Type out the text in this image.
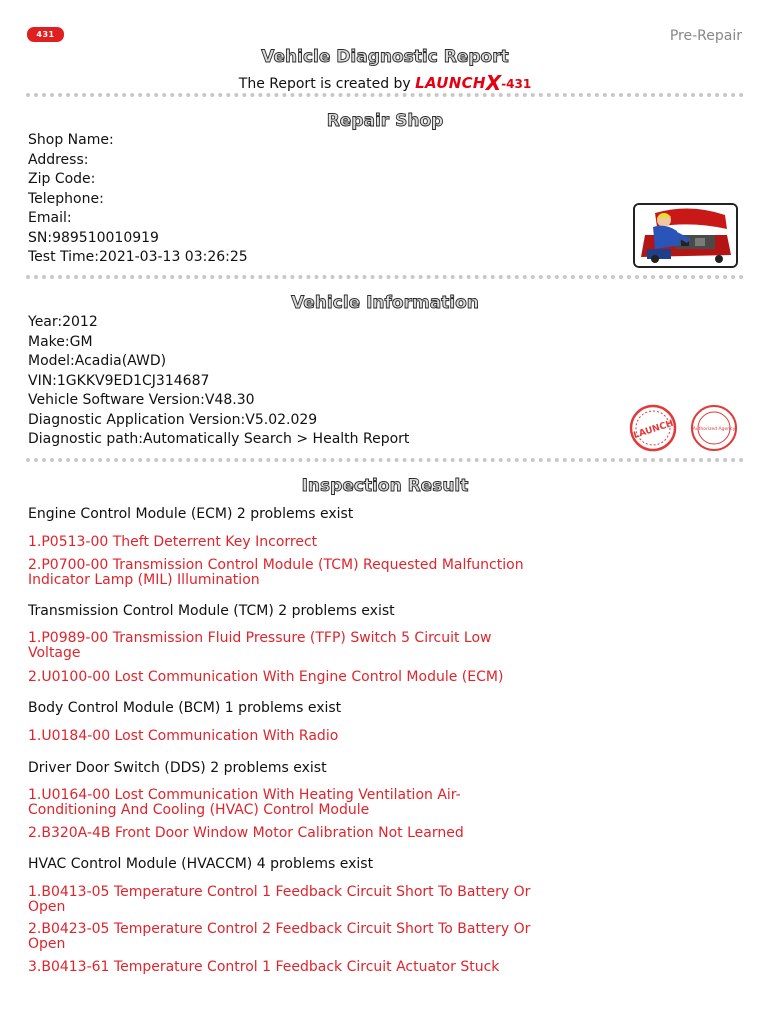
431	Pre-Repair
Vehicle Diagnostic Report
The Report is created by LAUNCHX-431
Repair Shop
Shop Name:
Address:
Zip Code:
Telephone:
Email:
SN:989510010919
Test Time:2021-03-13 03:26:25
Vehicle Information
Year:2012
Make:GM
Model:Acadia(AWD)
VIN:1GKKV9ED1CJ314687
Vehicle Software Version:V48.30
Diagnostic Application Version:V5.02.029
Diagnostic path:Automatically Search > Health Report	LAUNCH	Authorized Agency
Inspection Result
Engine Control Module (ECM) 2 problems exist
1.P0513-00 Theft Deterrent Key Incorrect
2.P0700-00 Transmission Control Module (TCM) Requested Malfunction Indicator Lamp (MIL) Illumination
Transmission Control Module (TCM) 2 problems exist
1.P0989-00 Transmission Fluid Pressure (TFP) Switch 5 Circuit Low Voltage
2.U0100-00 Lost Communication With Engine Control Module (ECM)
Body Control Module (BCM) 1 problems exist
1.U0184-00 Lost Communication With Radio
Driver Door Switch (DDS) 2 problems exist
1.U0164-00 Lost Communication With Heating Ventilation Air-Conditioning And Cooling (HVAC) Control Module
2.B320A-4B Front Door Window Motor Calibration Not Learned
HVAC Control Module (HVACCM) 4 problems exist
1.B0413-05 Temperature Control 1 Feedback Circuit Short To Battery Or Open
2.B0423-05 Temperature Control 2 Feedback Circuit Short To Battery Or Open
3.B0413-61 Temperature Control 1 Feedback Circuit Actuator Stuck
